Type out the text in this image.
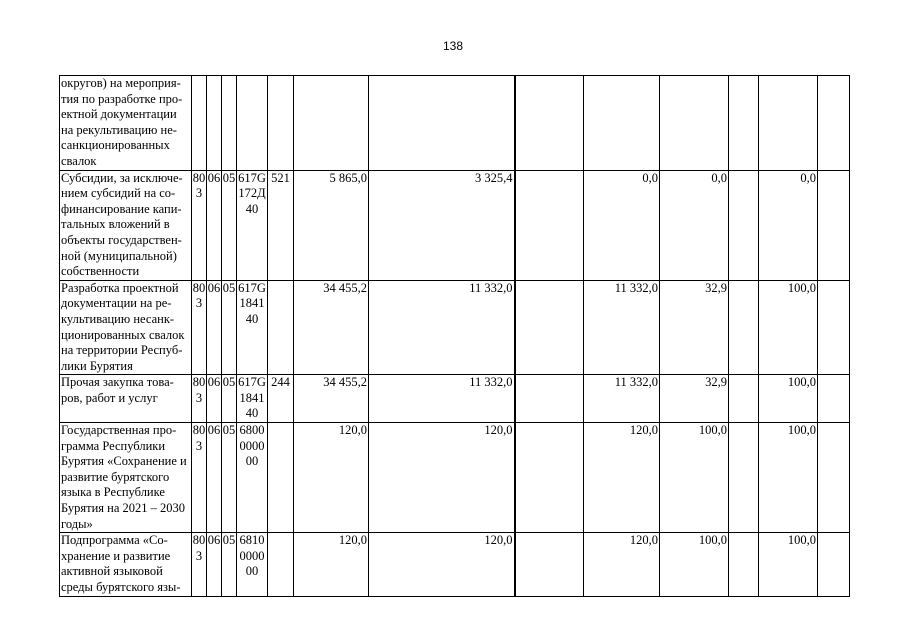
138
округов) на мероприя-тия по разработке про-ектной документации на рекультивацию не-санкционированных свалок													
Субсидии, за исключе-нием субсидий на со-финансирование капи-тальных вложений в объекты государствен-ной (муниципальной) собственности	803	06	05	617G172Д40	521	5 865,0	3 325,4		0,0	0,0		0,0	
Разработка проектной документации на ре-культивацию несанк-ционированных свалок на территории Респуб-лики Бурятия	803	06	05	617G184140		34 455,2	11 332,0		11 332,0	32,9		100,0	
Прочая закупка това-ров, работ и услуг	803	06	05	617G184140	244	34 455,2	11 332,0		11 332,0	32,9		100,0	
Государственная про-грамма Республики Бурятия «Сохранение и развитие бурятского языка в Республике Бурятия на 2021 – 2030 годы»	803	06	05	6800000000		120,0	120,0		120,0	100,0		100,0	
Подпрограмма «Со-хранение и развитие активной языковой среды бурятского язы-	803	06	05	6810000000		120,0	120,0		120,0	100,0		100,0	
